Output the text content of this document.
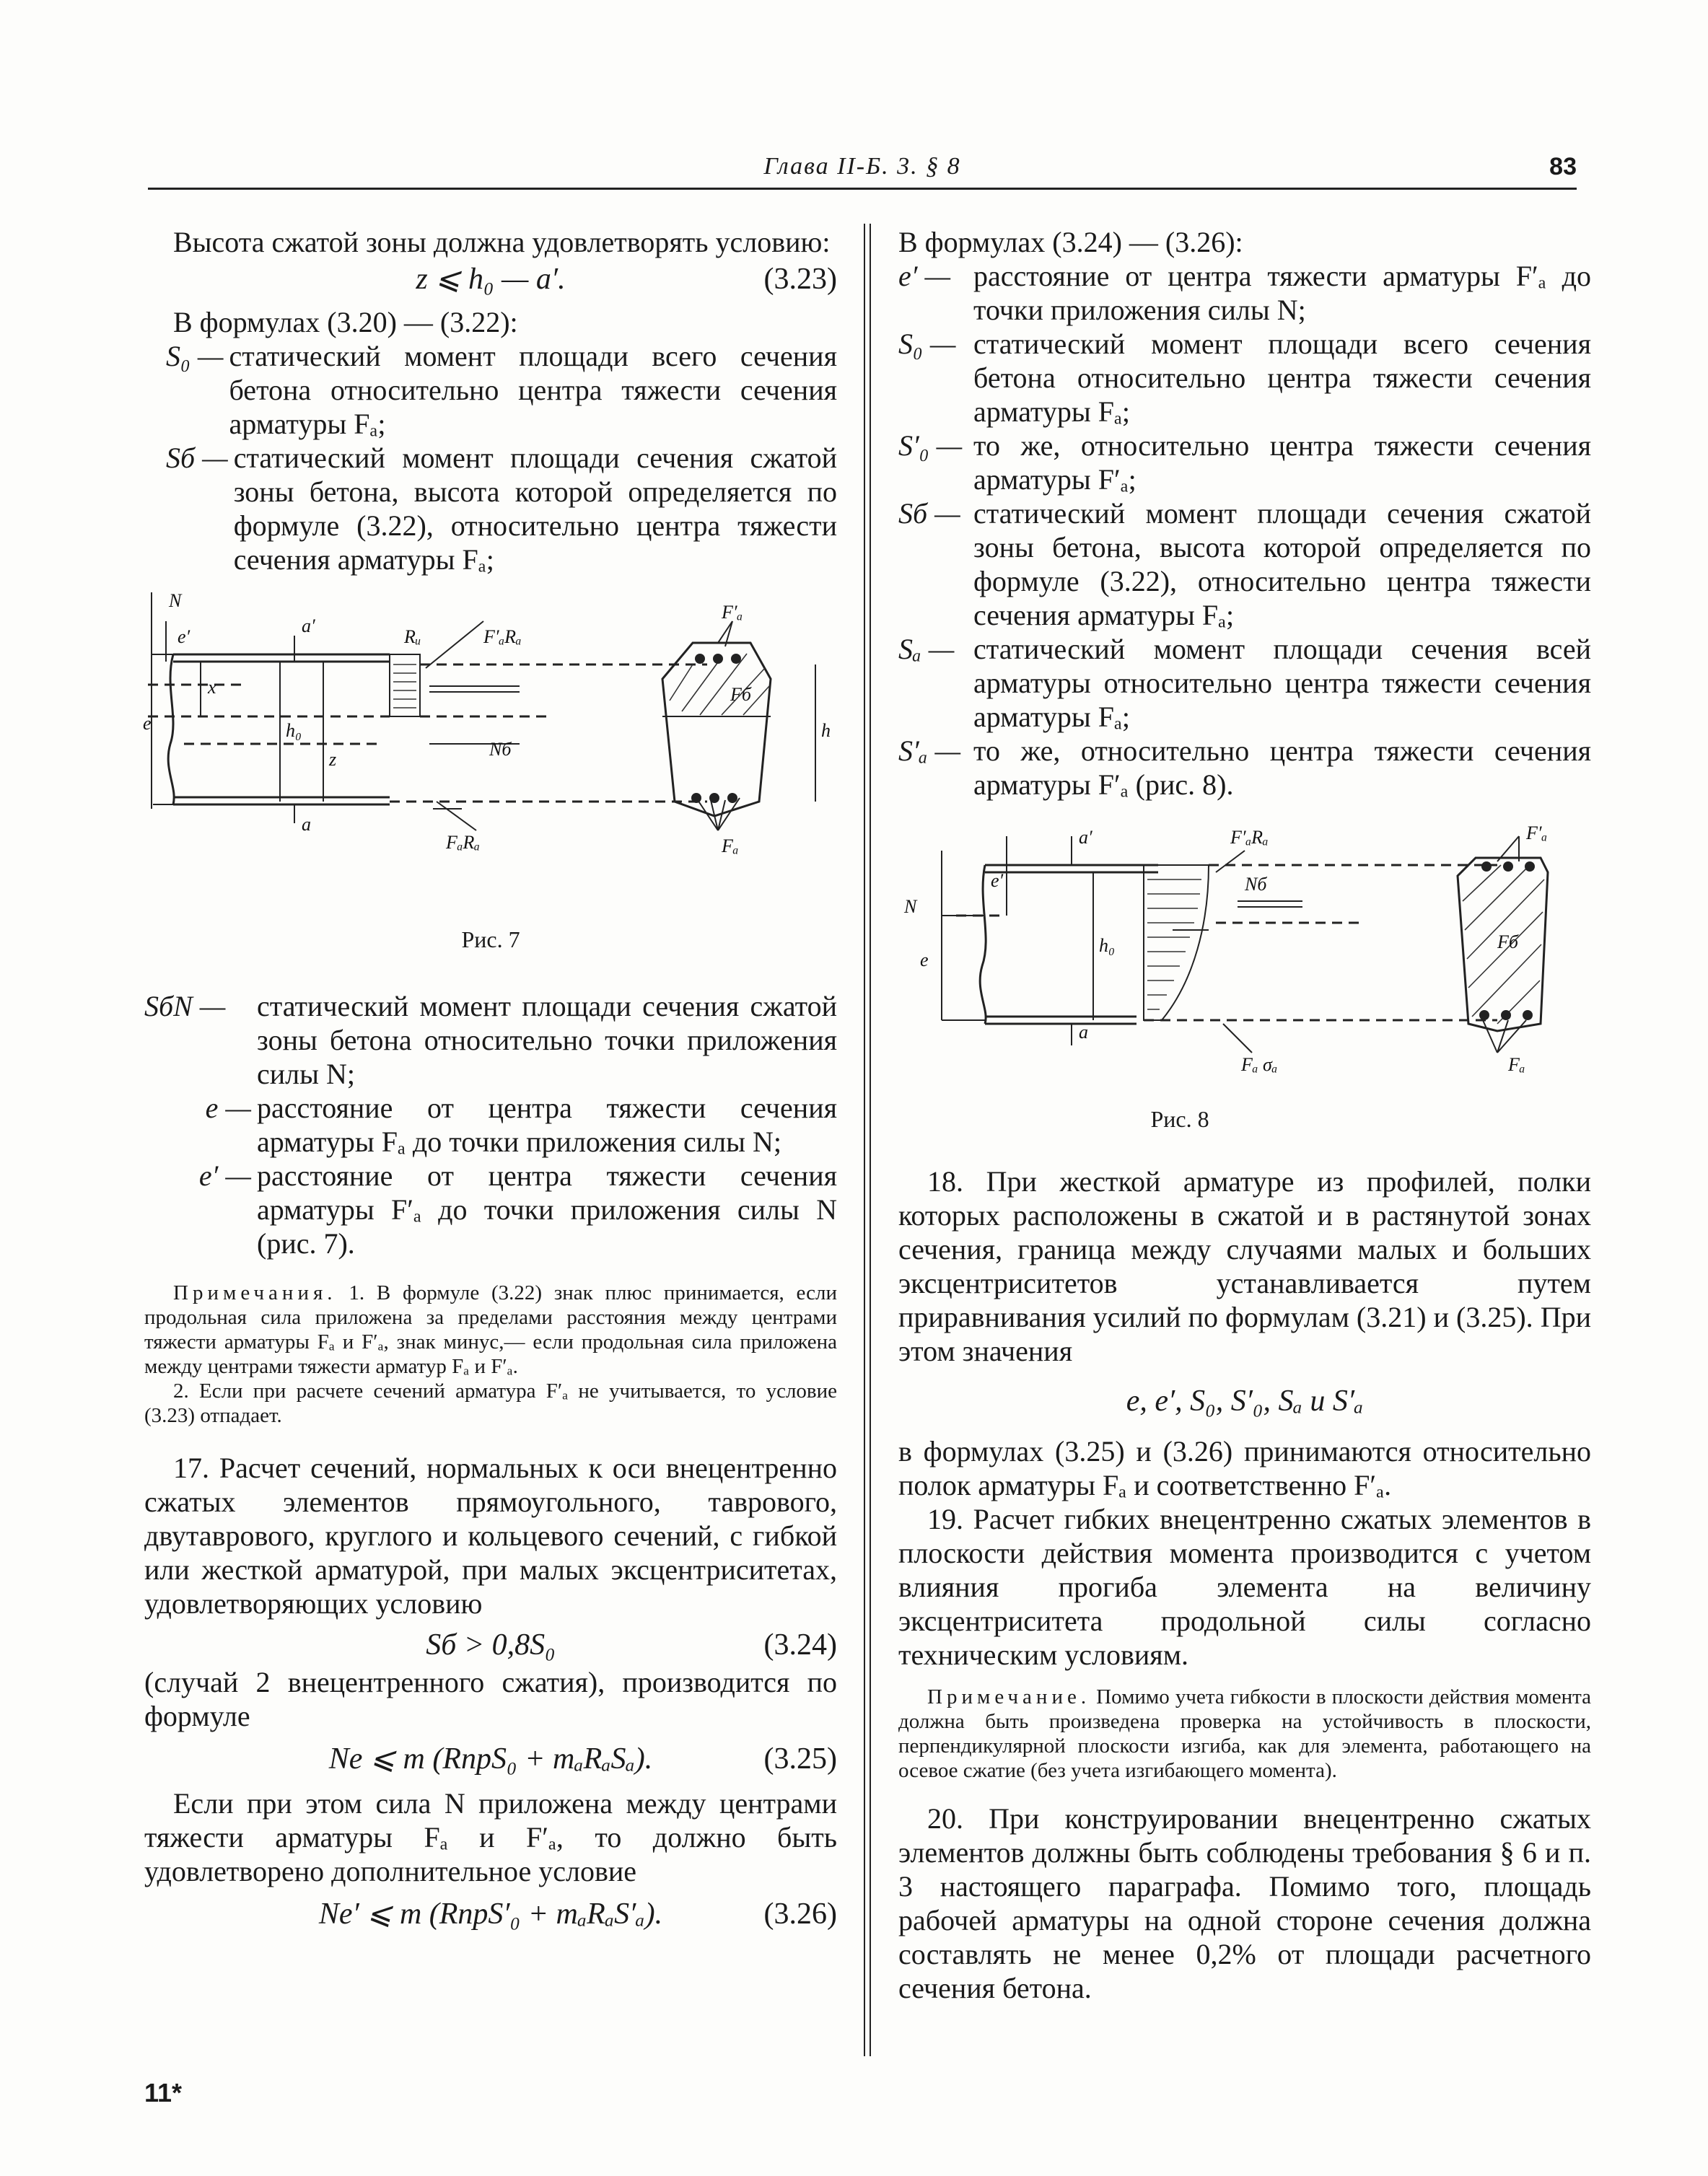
Глава II-Б. 3. § 8	83

Высота сжатой зоны должна удовлетворять условию:

z ⩽ h₀ — a′.	(3.23)

В формулах (3.20) — (3.22):

S₀ — статический момент площади всего сечения бетона относительно центра тяжести сечения арматуры Fₐ;
Sб — статический момент площади сечения сжатой зоны бетона, высота которой определяется по формуле (3.22), относительно центра тяжести сечения арматуры Fₐ;
N
e′
a′
Rᵤ	F′ₐRₐ
F′ₐ
x
e	h₀
z	Nб
Fб
h
a
FₐRₐ	Fₐ
Рис. 7
SбN —	статический момент площади сечения сжатой зоны бетона относительно точки приложения силы N;
e — расстояние от центра тяжести сечения арматуры Fₐ до точки приложения силы N;
e′ — расстояние от центра тяжести сечения арматуры F′ₐ до точки приложения силы N (рис. 7).

Примечания. 1. В формуле (3.22) знак плюс принимается, если продольная сила приложена за пределами расстояния между центрами тяжести арматуры Fₐ и F′ₐ, знак минус,— если продольная сила приложена между центрами тяжести арматур Fₐ и F′ₐ.

2. Если при расчете сечений арматура F′ₐ не учитывается, то условие (3.23) отпадает.

17. Расчет сечений, нормальных к оси внецентренно сжатых элементов прямоугольного, таврового, двутаврового, круглого и кольцевого сечений, с гибкой или жесткой арматурой, при малых эксцентриситетах, удовлетворяющих условию

Sб > 0,8S₀	(3.24)

(случай 2 внецентренного сжатия), производится по формуле

Ne ⩽ m (RпрS₀ + mₐRₐSₐ).	(3.25)

Если при этом сила N приложена между центрами тяжести арматуры Fₐ и F′ₐ, то должно быть удовлетворено дополнительное условие

Ne′ ⩽ m (RпрS′₀ + mₐRₐS′ₐ).	(3.26)

В формулах (3.24) — (3.26):

e′ — расстояние от центра тяжести арматуры F′ₐ до точки приложения силы N;
S₀ — статический момент площади всего сечения бетона относительно центра тяжести сечения арматуры Fₐ;
S′₀ — то же, относительно центра тяжести сечения арматуры F′ₐ;
Sб — статический момент площади сечения сжатой зоны бетона, высота которой определяется по формуле (3.22), относительно центра тяжести сечения арматуры Fₐ;
Sₐ — статический момент площади сечения всей арматуры относительно центра тяжести сечения арматуры Fₐ;
S′ₐ — то же, относительно центра тяжести сечения арматуры F′ₐ (рис. 8).
a′	F′ₐRₐ	F′ₐ
e′
N
Nб
e
h₀	Fб
a
Fₐ σₐ	Fₐ
Рис. 8

18. При жесткой арматуре из профилей, полки которых расположены в сжатой и в растянутой зонах сечения, граница между случаями малых и больших эксцентриситетов устанавливается путем приравнивания усилий по формулам (3.21) и (3.25). При этом значения

e, e′, S₀, S′₀, Sₐ и S′ₐ

в формулах (3.25) и (3.26) принимаются относительно полок арматуры Fₐ и соответственно F′ₐ.

19. Расчет гибких внецентренно сжатых элементов в плоскости действия момента производится с учетом влияния прогиба элемента на величину эксцентриситета продольной силы согласно техническим условиям.

Примечание. Помимо учета гибкости в плоскости действия момента должна быть произведена проверка на устойчивость в плоскости, перпендикулярной плоскости изгиба, как для элемента, работающего на осевое сжатие (без учета изгибающего момента).

20. При конструировании внецентренно сжатых элементов должны быть соблюдены требования § 6 и п. 3 настоящего параграфа. Помимо того, площадь рабочей арматуры на одной стороне сечения должна составлять не менее 0,2% от площади расчетного сечения бетона.

11*
